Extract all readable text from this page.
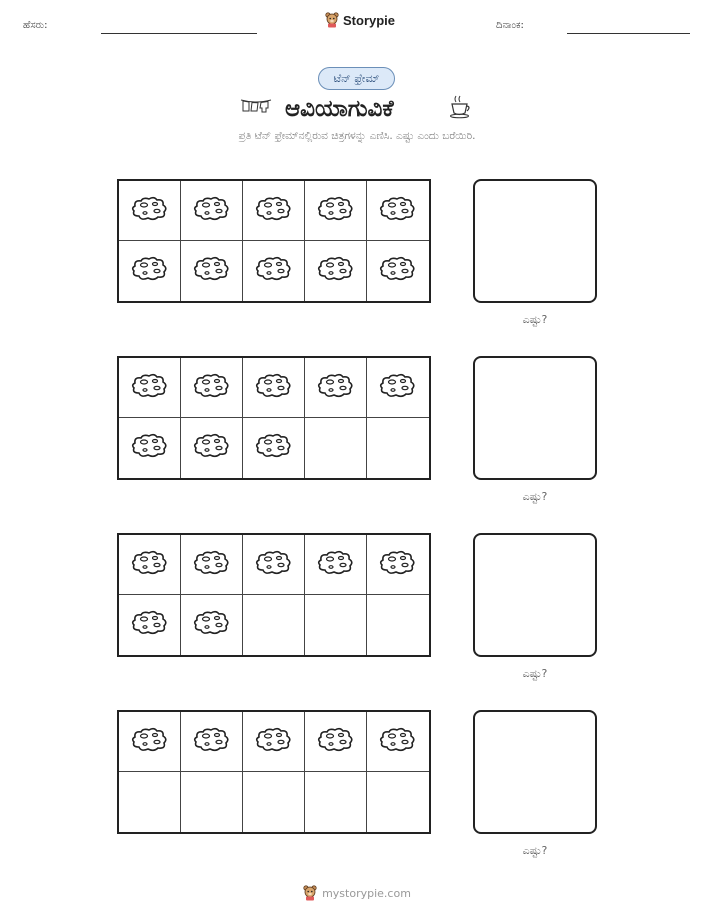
ಹೆಸರು:	Storypie	ದಿನಾಂಕ:
ಟೆನ್ ಫ್ರೇಮ್
ಆವಿಯಾಗುವಿಕೆ
ಪ್ರತಿ ಟೆನ್ ಫ್ರೇಮ್‌ನಲ್ಲಿರುವ ಚಿತ್ರಗಳನ್ನು ಎಣಿಸಿ. ಎಷ್ಟು ಎಂದು ಬರೆಯಿರಿ.
ಎಷ್ಟು?
ಎಷ್ಟು?
ಎಷ್ಟು?
ಎಷ್ಟು?
mystorypie.com
